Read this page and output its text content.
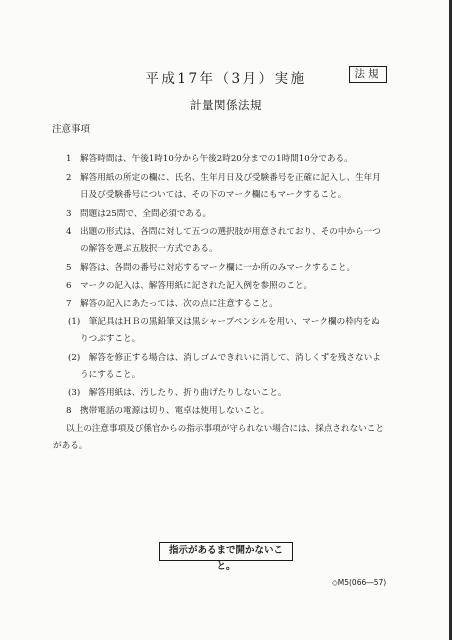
平成17年（3月）実施	法規
計量関係法規
注意事項
1　解答時間は、午後1時10分から午後2時20分までの1時間10分である。
2　解答用紙の所定の欄に、氏名、生年月日及び受験番号を正確に記入し、生年月
日及び受験番号については、その下のマーク欄にもマークすること。
3　問題は25問で、全問必須である。
4　出題の形式は、各問に対して五つの選択肢が用意されており、その中から一つ
の解答を選ぶ五肢択一方式である。
5　解答は、各問の番号に対応するマーク欄に一か所のみマークすること。
6　マークの記入は、解答用紙に記された記入例を参照のこと。
7　解答の記入にあたっては、次の点に注意すること。
(1)　筆記具はＨＢの黒鉛筆又は黒シャープペンシルを用い、マーク欄の枠内をぬ
りつぶすこと。
(2)　解答を修正する場合は、消しゴムできれいに消して、消しくずを残さないよ
うにすること。
(3)　解答用紙は、汚したり、折り曲げたりしないこと。
8　携帯電話の電源は切り、電卓は使用しないこと。
以上の注意事項及び係官からの指示事項が守られない場合には、採点されないこと
がある。
指示があるまで開かないこと。
◇M5(066―57)
